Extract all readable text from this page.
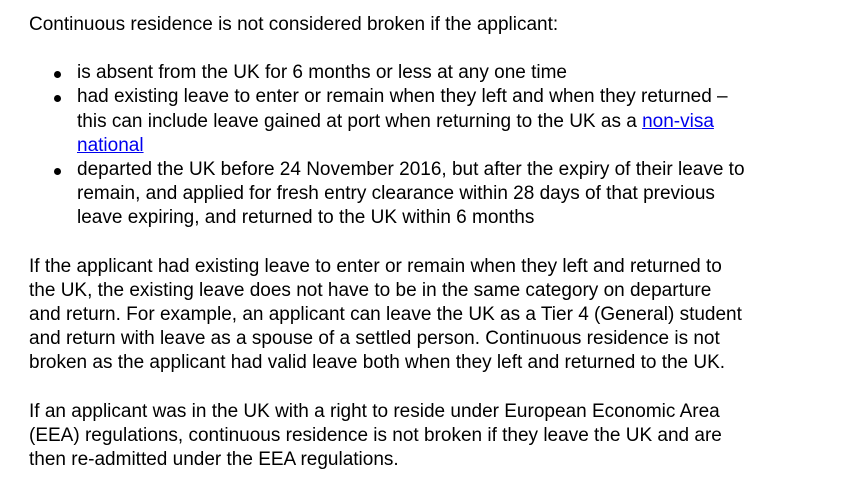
Continuous residence is not considered broken if the applicant:

is absent from the UK for 6 months or less at any one time
had existing leave to enter or remain when they left and when they returned –
this can include leave gained at port when returning to the UK as a non-visa
national
departed the UK before 24 November 2016, but after the expiry of their leave to
remain, and applied for fresh entry clearance within 28 days of that previous
leave expiring, and returned to the UK within 6 months
If the applicant had existing leave to enter or remain when they left and returned to
the UK, the existing leave does not have to be in the same category on departure
and return. For example, an applicant can leave the UK as a Tier 4 (General) student
and return with leave as a spouse of a settled person. Continuous residence is not
broken as the applicant had valid leave both when they left and returned to the UK.
If an applicant was in the UK with a right to reside under European Economic Area
(EEA) regulations, continuous residence is not broken if they leave the UK and are
then re-admitted under the EEA regulations.
